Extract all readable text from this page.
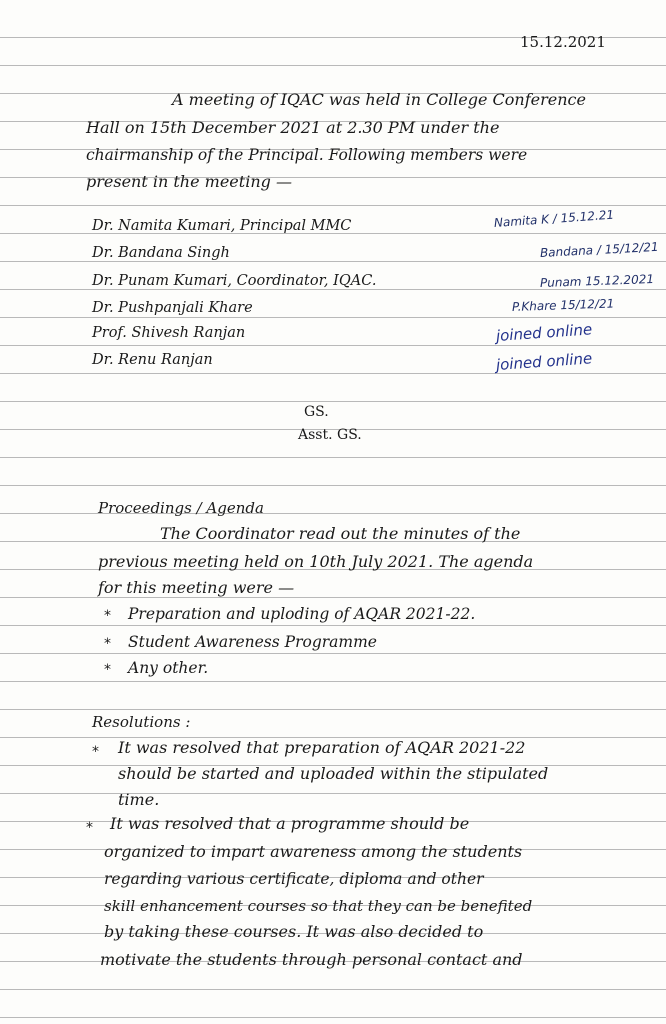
15.12.2021
A meeting of IQAC was held in College Conference
Hall on 15th December 2021 at 2.30 PM under the
chairmanship of the Principal. Following members were
present in the meeting —
Dr. Namita Kumari, Principal MMC
Dr. Bandana Singh
Dr. Punam Kumari, Coordinator, IQAC.
Dr. Pushpanjali Khare
Prof. Shivesh Ranjan
Dr. Renu Ranjan
Namita K / 15.12.21
Bandana / 15/12/21
Punam 15.12.2021
P.Khare 15/12/21
joined online
joined online
GS.
Asst. GS.
Proceedings / Agenda
The Coordinator read out the minutes of the
previous meeting held on 10th July 2021. The agenda
for this meeting were —
* Preparation and uploding of AQAR 2021-22.
* Student Awareness Programme
* Any other.
Resolutions :
* It was resolved that preparation of AQAR 2021-22
should be started and uploaded within the stipulated
time.
* It was resolved that a programme should be
organized to impart awareness among the students
regarding various certificate, diploma and other
skill enhancement courses so that they can be benefited
by taking these courses. It was also decided to
motivate the students through personal contact and
